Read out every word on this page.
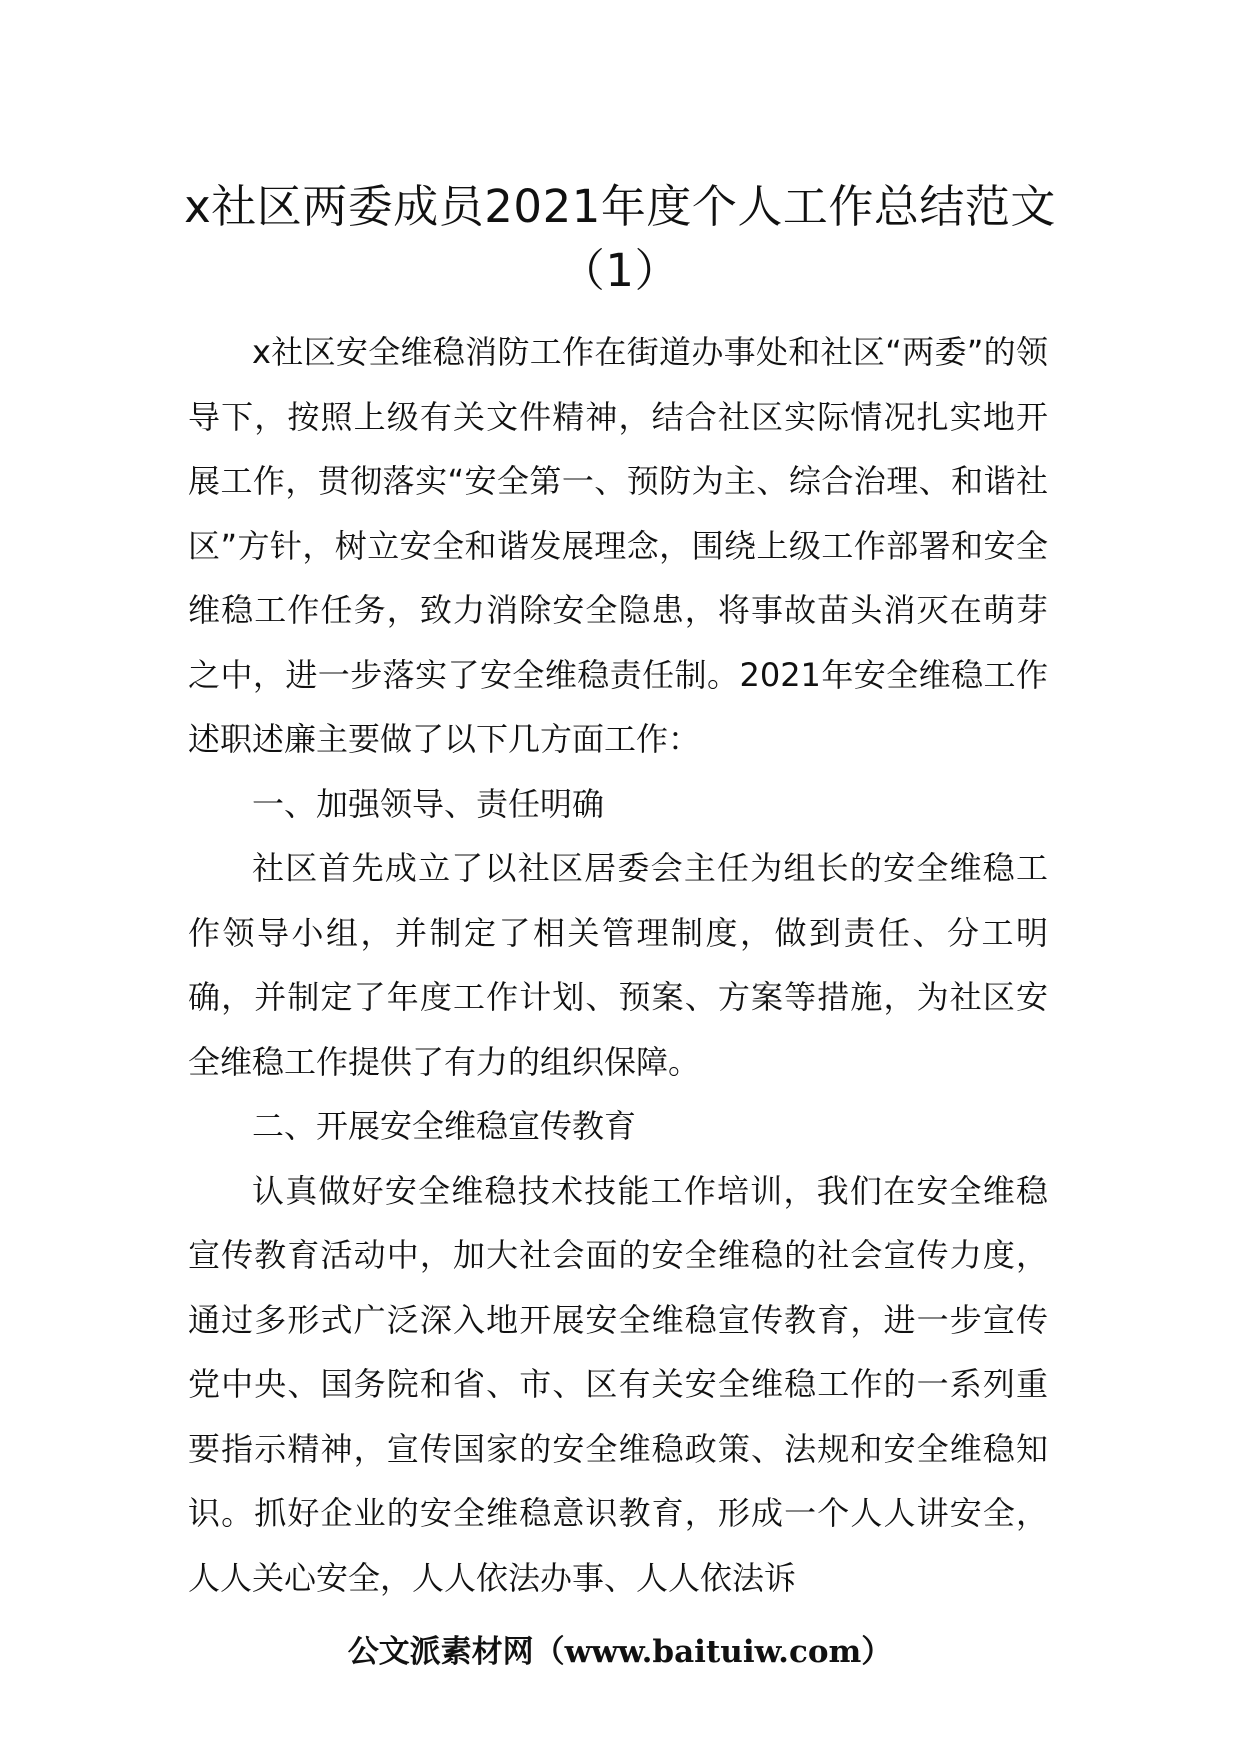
x社区两委成员2021年度个人工作总结范文（1）

x社区安全维稳消防工作在街道办事处和社区“两委”的领导下，按照上级有关文件精神，结合社区实际情况扎实地开展工作，贯彻落实“安全第一、预防为主、综合治理、和谐社区”方针，树立安全和谐发展理念，围绕上级工作部署和安全维稳工作任务，致力消除安全隐患，将事故苗头消灭在萌芽之中，进一步落实了安全维稳责任制。2021年安全维稳工作述职述廉主要做了以下几方面工作：

一、加强领导、责任明确

社区首先成立了以社区居委会主任为组长的安全维稳工作领导小组，并制定了相关管理制度，做到责任、分工明确，并制定了年度工作计划、预案、方案等措施，为社区安全维稳工作提供了有力的组织保障。

二、开展安全维稳宣传教育

认真做好安全维稳技术技能工作培训，我们在安全维稳宣传教育活动中，加大社会面的安全维稳的社会宣传力度，通过多形式广泛深入地开展安全维稳宣传教育，进一步宣传党中央、国务院和省、市、区有关安全维稳工作的一系列重要指示精神，宣传国家的安全维稳政策、法规和安全维稳知识。抓好企业的安全维稳意识教育，形成一个人人讲安全，人人关心安全，人人依法办事、人人依法诉

公文派素材网（www.baituiw.com）
